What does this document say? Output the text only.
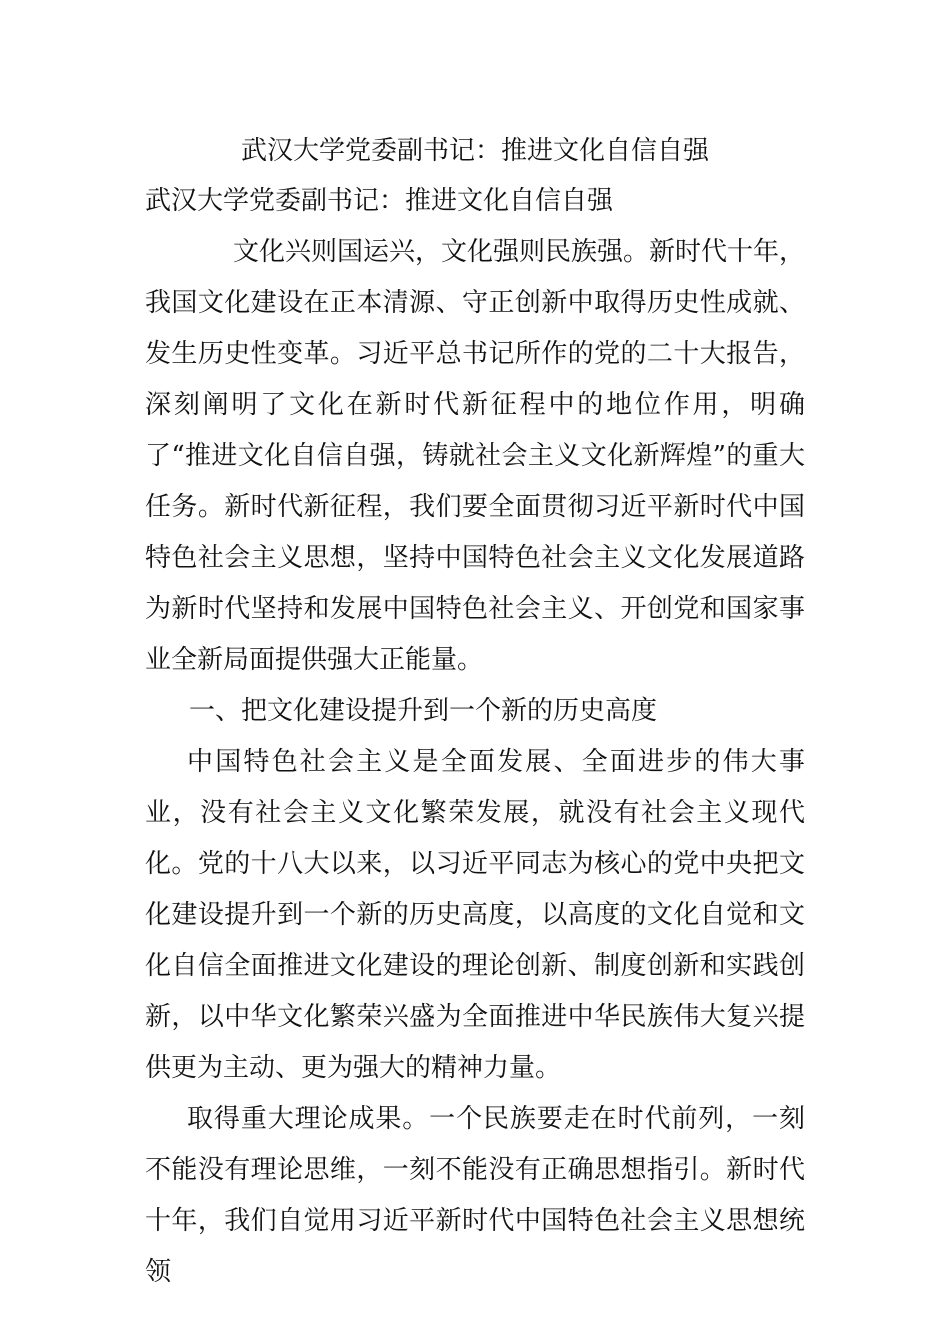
武汉大学党委副书记：推进文化自信自强

武汉大学党委副书记：推进文化自信自强

文化兴则国运兴，文化强则民族强。新时代十年，我国文化建设在正本清源、守正创新中取得历史性成就、发生历史性变革。习近平总书记所作的党的二十大报告，深刻阐明了文化在新时代新征程中的地位作用，明确了“推进文化自信自强，铸就社会主义文化新辉煌”的重大任务。新时代新征程，我们要全面贯彻习近平新时代中国特色社会主义思想，坚持中国特色社会主义文化发展道路为新时代坚持和发展中国特色社会主义、开创党和国家事业全新局面提供强大正能量。

一、把文化建设提升到一个新的历史高度

中国特色社会主义是全面发展、全面进步的伟大事业，没有社会主义文化繁荣发展，就没有社会主义现代化。党的十八大以来，以习近平同志为核心的党中央把文化建设提升到一个新的历史高度，以高度的文化自觉和文化自信全面推进文化建设的理论创新、制度创新和实践创新，以中华文化繁荣兴盛为全面推进中华民族伟大复兴提供更为主动、更为强大的精神力量。

取得重大理论成果。一个民族要走在时代前列，一刻不能没有理论思维，一刻不能没有正确思想指引。新时代十年，我们自觉用习近平新时代中国特色社会主义思想统领
